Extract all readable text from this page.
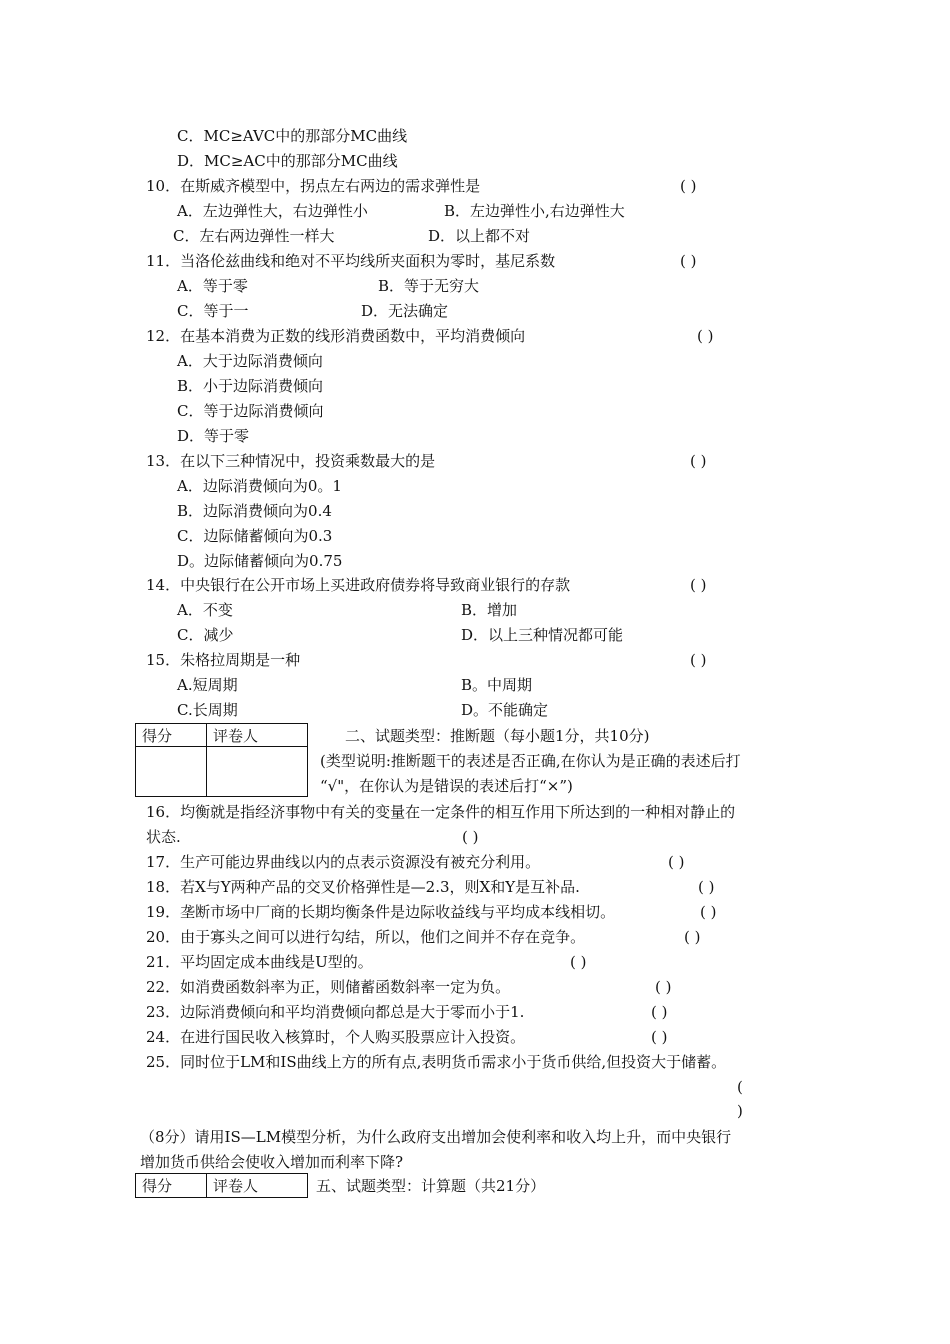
C．MC≥AVC中的那部分MC曲线
D．MC≥AC中的那部分MC曲线
10．在斯威齐模型中，拐点左右两边的需求弹性是	( )
A．左边弹性大，右边弹性小	B．左边弹性小,右边弹性大
C．左右两边弹性一样大	D．以上都不对
11．当洛伦兹曲线和绝对不平均线所夹面积为零时，基尼系数	( )
A．等于零	B．等于无穷大
C．等于一	D．无法确定
12．在基本消费为正数的线形消费函数中，平均消费倾向	( )
A．大于边际消费倾向
B．小于边际消费倾向
C．等于边际消费倾向
D．等于零
13．在以下三种情况中，投资乘数最大的是	( )
A．边际消费倾向为0。1
B．边际消费倾向为0.4
C．边际储蓄倾向为0.3
D。边际储蓄倾向为0.75
14．中央银行在公开市场上买进政府债券将导致商业银行的存款	( )
A．不变	B．增加
C．减少	D．以上三种情况都可能
15．朱格拉周期是一种	( )
A.短周期	B。中周期
C.长周期	D。不能确定
得分	评卷人
		二、试题类型：推断题（每小题1分，共10分)
(类型说明:推断题干的表述是否正确,在你认为是正确的表述后打
“√"，在你认为是错误的表述后打“×”)
16．均衡就是指经济事物中有关的变量在一定条件的相互作用下所达到的一种相对静止的
状态.	( )
17．生产可能边界曲线以内的点表示资源没有被充分利用。	( )
18．若X与Y两种产品的交叉价格弹性是—2.3，则X和Y是互补品.	( )
19．垄断市场中厂商的长期均衡条件是边际收益线与平均成本线相切。	( )
20．由于寡头之间可以进行勾结，所以，他们之间并不存在竞争。	( )
21．平均固定成本曲线是U型的。	( )
22．如消费函数斜率为正，则储蓄函数斜率一定为负。	( )
23．边际消费倾向和平均消费倾向都总是大于零而小于1.	( )
24．在进行国民收入核算时，个人购买股票应计入投资。	( )
25．同时位于LM和IS曲线上方的所有点,表明货币需求小于货币供给,但投资大于储蓄。
(
)
（8分）请用IS—LM模型分析，为什么政府支出增加会使利率和收入均上升，而中央银行
增加货币供给会使收入增加而利率下降?
得分	评卷人	五、试题类型：计算题（共21分）
